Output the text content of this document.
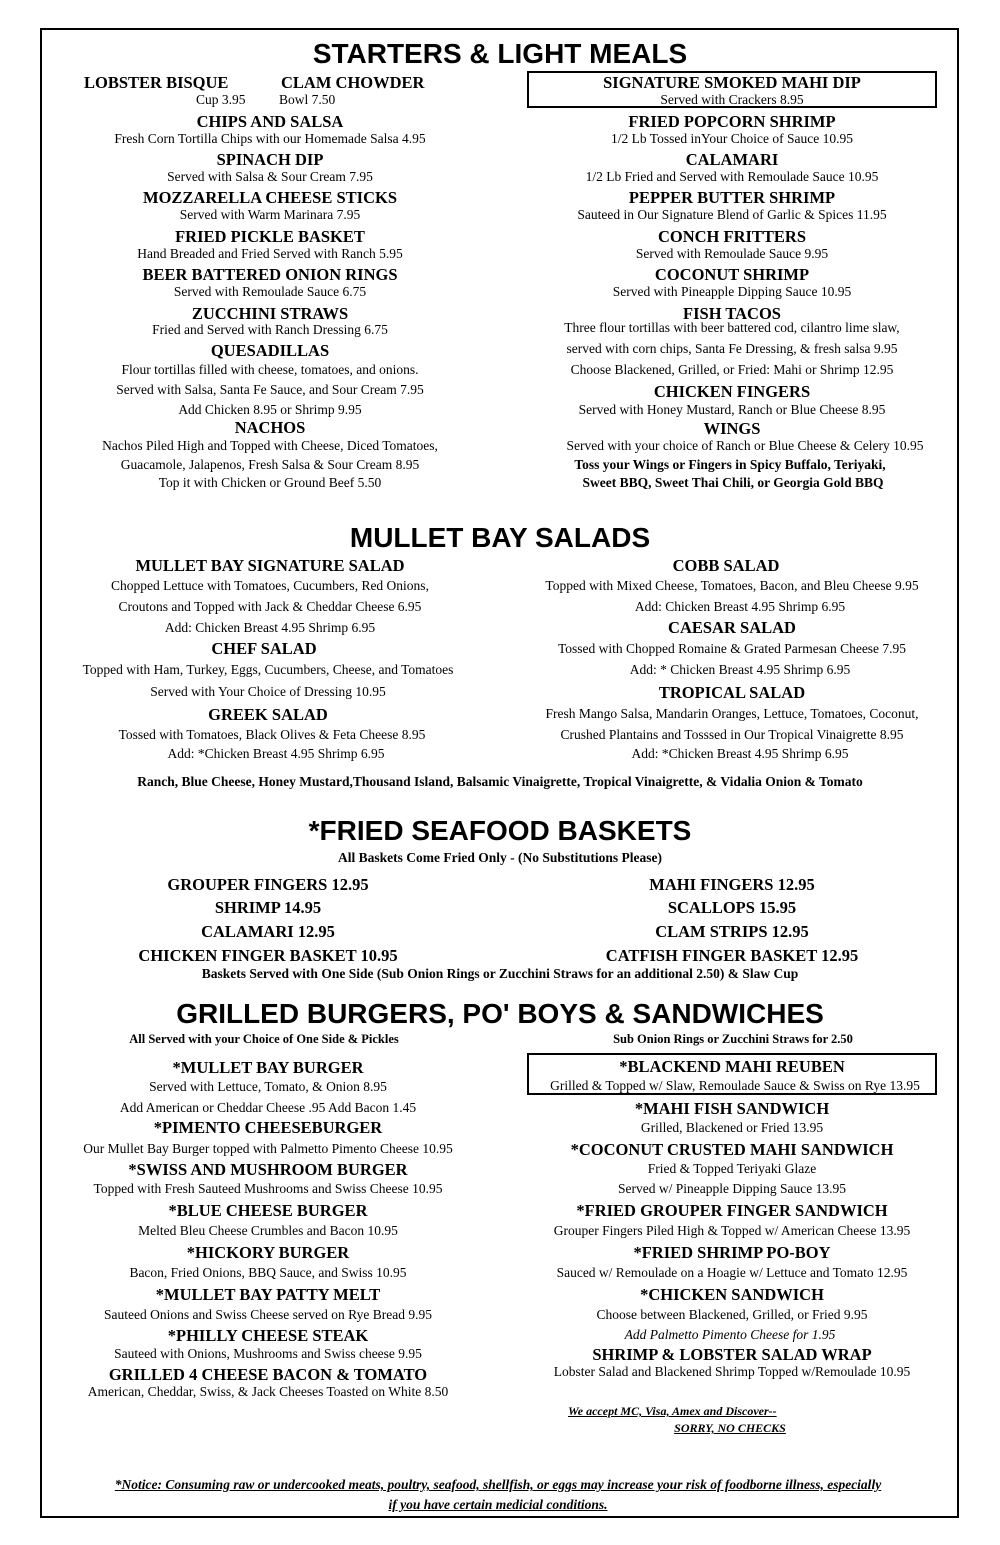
STARTERS & LIGHT MEALS
LOBSTER BISQUE	CLAM CHOWDER
Cup 3.95 Bowl 7.50
CHIPS AND SALSA
Fresh Corn Tortilla Chips with our Homemade Salsa 4.95
SPINACH DIP
Served with Salsa & Sour Cream 7.95
MOZZARELLA CHEESE STICKS
Served with Warm Marinara 7.95
FRIED PICKLE BASKET
Hand Breaded and Fried Served with Ranch 5.95
BEER BATTERED ONION RINGS
Served with Remoulade Sauce 6.75
ZUCCHINI STRAWS
Fried and Served with Ranch Dressing 6.75
QUESADILLAS
Flour tortillas filled with cheese, tomatoes, and onions.
Served with Salsa, Santa Fe Sauce, and Sour Cream 7.95
Add Chicken 8.95 or Shrimp 9.95
NACHOS
Nachos Piled High and Topped with Cheese, Diced Tomatoes,
Guacamole, Jalapenos, Fresh Salsa & Sour Cream 8.95
Top it with Chicken or Ground Beef 5.50
SIGNATURE SMOKED MAHI DIP
Served with Crackers 8.95
FRIED POPCORN SHRIMP
1/2 Lb Tossed inYour Choice of Sauce 10.95
CALAMARI
1/2 Lb Fried and Served with Remoulade Sauce 10.95
PEPPER BUTTER SHRIMP
Sauteed in Our Signature Blend of Garlic & Spices 11.95
CONCH FRITTERS
Served with Remoulade Sauce 9.95
COCONUT SHRIMP
Served with Pineapple Dipping Sauce 10.95
FISH TACOS
Three flour tortillas with beer battered cod, cilantro lime slaw,
served with corn chips, Santa Fe Dressing, & fresh salsa 9.95
Choose Blackened, Grilled, or Fried: Mahi or Shrimp 12.95
CHICKEN FINGERS
Served with Honey Mustard, Ranch or Blue Cheese 8.95
WINGS
Served with your choice of Ranch or Blue Cheese & Celery 10.95
Toss your Wings or Fingers in Spicy Buffalo, Teriyaki,
Sweet BBQ, Sweet Thai Chili, or Georgia Gold BBQ
MULLET BAY SALADS
MULLET BAY SIGNATURE SALAD
Chopped Lettuce with Tomatoes, Cucumbers, Red Onions,
Croutons and Topped with Jack & Cheddar Cheese 6.95
Add: Chicken Breast 4.95 Shrimp 6.95
CHEF SALAD
Topped with Ham, Turkey, Eggs, Cucumbers, Cheese, and Tomatoes
Served with Your Choice of Dressing 10.95
GREEK SALAD
Tossed with Tomatoes, Black Olives & Feta Cheese 8.95
Add: *Chicken Breast 4.95 Shrimp 6.95
COBB SALAD
Topped with Mixed Cheese, Tomatoes, Bacon, and Bleu Cheese 9.95
Add: Chicken Breast 4.95 Shrimp 6.95
CAESAR SALAD
Tossed with Chopped Romaine & Grated Parmesan Cheese 7.95
Add: * Chicken Breast 4.95 Shrimp 6.95
TROPICAL SALAD
Fresh Mango Salsa, Mandarin Oranges, Lettuce, Tomatoes, Coconut,
Crushed Plantains and Tosssed in Our Tropical Vinaigrette 8.95
Add: *Chicken Breast 4.95 Shrimp 6.95
Ranch, Blue Cheese, Honey Mustard,Thousand Island, Balsamic Vinaigrette, Tropical Vinaigrette, & Vidalia Onion & Tomato
*FRIED SEAFOOD BASKETS
All Baskets Come Fried Only - (No Substitutions Please)
GROUPER FINGERS 12.95
SHRIMP 14.95
CALAMARI 12.95
CHICKEN FINGER BASKET 10.95
MAHI FINGERS 12.95
SCALLOPS 15.95
CLAM STRIPS 12.95
CATFISH FINGER BASKET 12.95
Baskets Served with One Side (Sub Onion Rings or Zucchini Straws for an additional 2.50) & Slaw Cup
GRILLED BURGERS, PO' BOYS & SANDWICHES
All Served with your Choice of One Side & Pickles	Sub Onion Rings or Zucchini Straws for 2.50
*MULLET BAY BURGER
Served with Lettuce, Tomato, & Onion 8.95
Add American or Cheddar Cheese .95 Add Bacon 1.45
*PIMENTO CHEESEBURGER
Our Mullet Bay Burger topped with Palmetto Pimento Cheese 10.95
*SWISS AND MUSHROOM BURGER
Topped with Fresh Sauteed Mushrooms and Swiss Cheese 10.95
*BLUE CHEESE BURGER
Melted Bleu Cheese Crumbles and Bacon 10.95
*HICKORY BURGER
Bacon, Fried Onions, BBQ Sauce, and Swiss 10.95
*MULLET BAY PATTY MELT
Sauteed Onions and Swiss Cheese served on Rye Bread 9.95
*PHILLY CHEESE STEAK
Sauteed with Onions, Mushrooms and Swiss cheese 9.95
GRILLED 4 CHEESE BACON & TOMATO
American, Cheddar, Swiss, & Jack Cheeses Toasted on White 8.50
*BLACKEND MAHI REUBEN
Grilled & Topped w/ Slaw, Remoulade Sauce & Swiss on Rye 13.95
*MAHI FISH SANDWICH
Grilled, Blackened or Fried 13.95
*COCONUT CRUSTED MAHI SANDWICH
Fried & Topped Teriyaki Glaze
Served w/ Pineapple Dipping Sauce 13.95
*FRIED GROUPER FINGER SANDWICH
Grouper Fingers Piled High & Topped w/ American Cheese 13.95
*FRIED SHRIMP PO-BOY
Sauced w/ Remoulade on a Hoagie w/ Lettuce and Tomato 12.95
*CHICKEN SANDWICH
Choose between Blackened, Grilled, or Fried 9.95
Add Palmetto Pimento Cheese for 1.95
SHRIMP & LOBSTER SALAD WRAP
Lobster Salad and Blackened Shrimp Topped w/Remoulade 10.95
We accept MC, Visa, Amex and Discover--
SORRY, NO CHECKS
*Notice: Consuming raw or undercooked meats, poultry, seafood, shellfish, or eggs may increase your risk of foodborne illness, especially
if you have certain medicial conditions.
